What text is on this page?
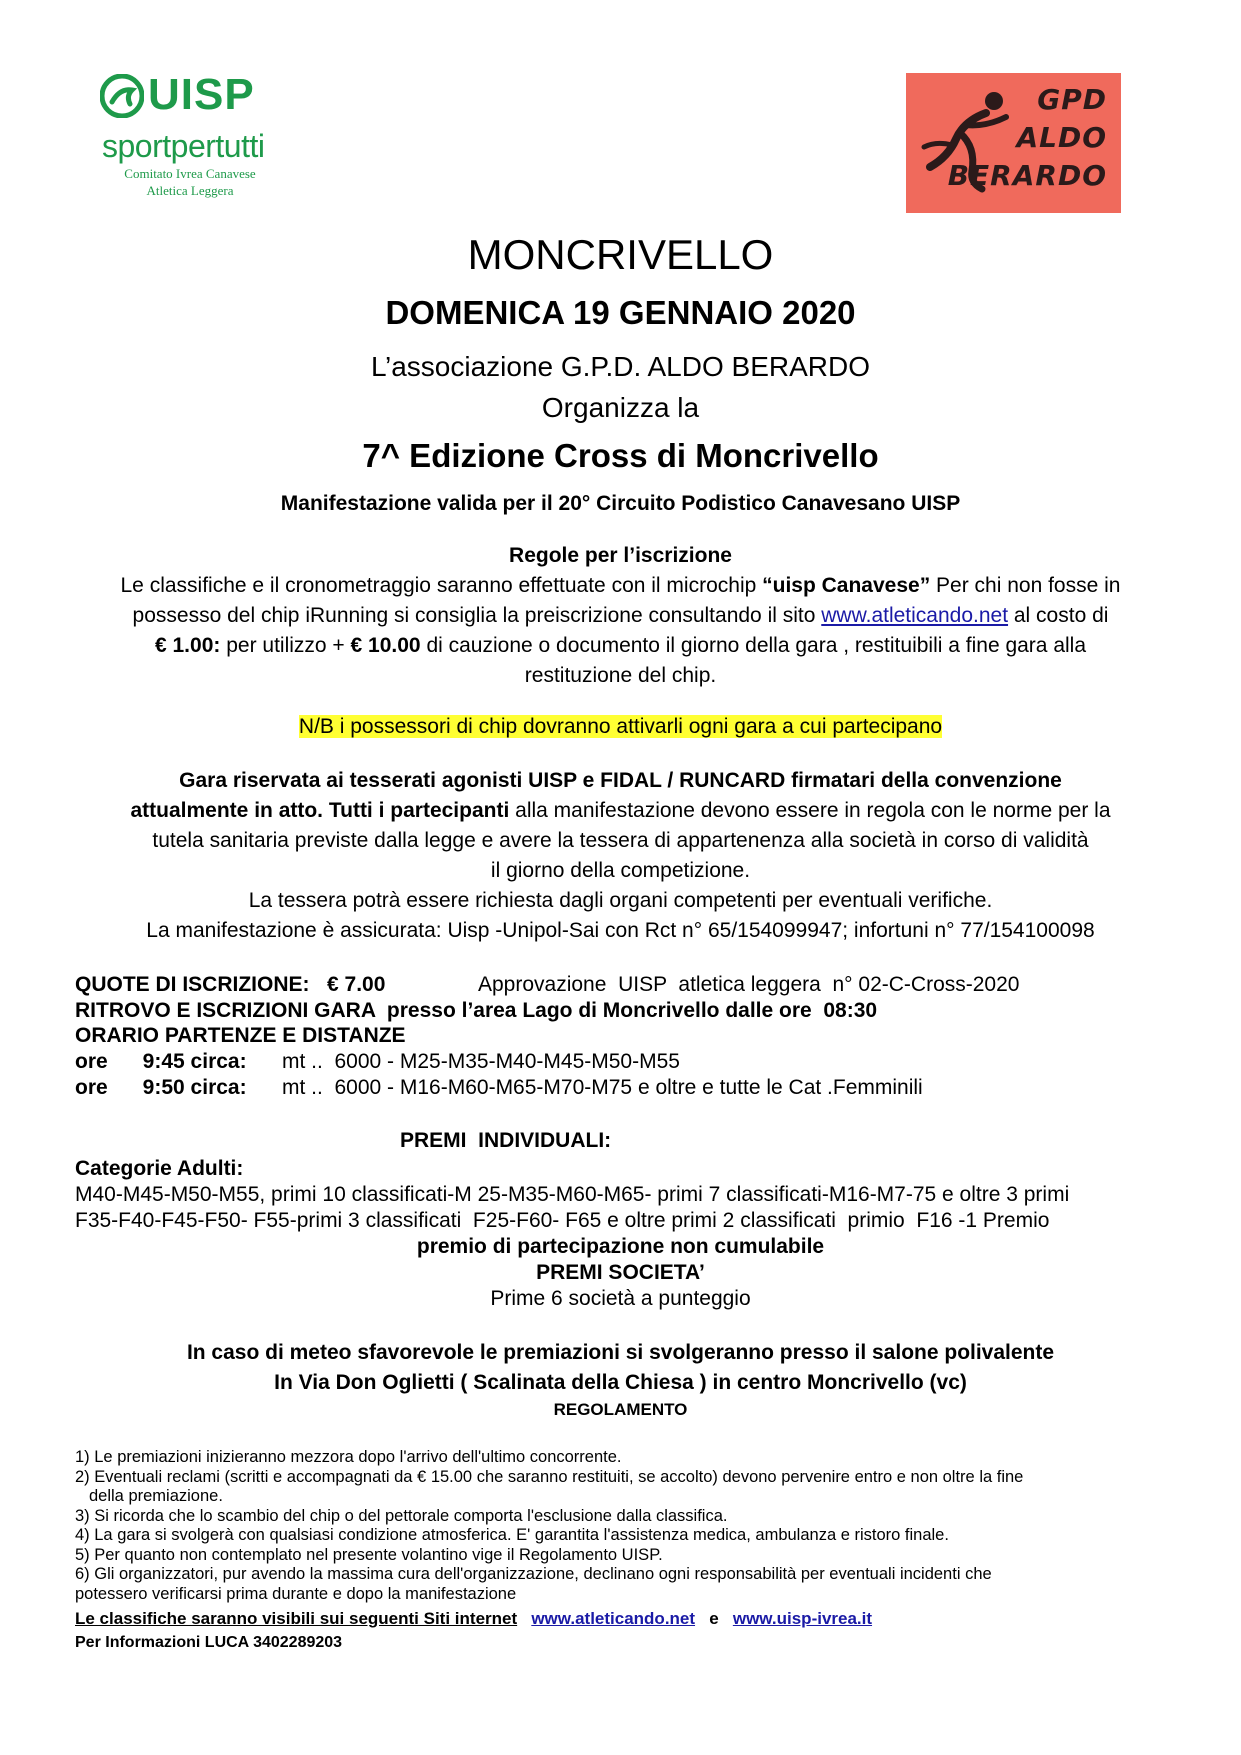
UISP
sportpertutti
Comitato Ivrea Canavese
Atletica Leggera
GPD
ALDO
BERARDO
MONCRIVELLO
DOMENICA 19 GENNAIO 2020
L’associazione G.P.D. ALDO BERARDO
Organizza la
7^ Edizione Cross di Moncrivello
Manifestazione valida per il 20° Circuito Podistico Canavesano UISP
Regole per l’iscrizione
Le classifiche e il cronometraggio saranno effettuate con il microchip “uisp Canavese” Per chi non fosse in
possesso del chip iRunning si consiglia la preiscrizione consultando il sito www.atleticando.net al costo di
€ 1.00: per utilizzo + € 10.00 di cauzione o documento il giorno della gara , restituibili a fine gara alla
restituzione del chip.
N/B i possessori di chip dovranno attivarli ogni gara a cui partecipano
Gara riservata ai tesserati agonisti UISP e FIDAL / RUNCARD firmatari della convenzione
attualmente in atto. Tutti i partecipanti alla manifestazione devono essere in regola con le norme per la
tutela sanitaria previste dalla legge e avere la tessera di appartenenza alla società in corso di validità
il giorno della competizione.
La tessera potrà essere richiesta dagli organi competenti per eventuali verifiche.
La manifestazione è assicurata: Uisp -Unipol-Sai con Rct n° 65/154099947; infortuni n° 77/154100098
QUOTE DI ISCRIZIONE:   € 7.00	Approvazione  UISP  atletica leggera  n° 02-C-Cross-2020
RITROVO E ISCRIZIONI GARA  presso l’area Lago di Moncrivello dalle ore  08:30
ORARIO PARTENZE E DISTANZE
ore      9:45 circa: mt ..  6000 - M25-M35-M40-M45-M50-M55
ore      9:50 circa: mt ..  6000 - M16-M60-M65-M70-M75 e oltre e tutte le Cat .Femminili
PREMI  INDIVIDUALI:
Categorie Adulti:
M40-M45-M50-M55, primi 10 classificati-M 25-M35-M60-M65- primi 7 classificati-M16-M7-75 e oltre 3 primi
F35-F40-F45-F50- F55-primi 3 classificati  F25-F60- F65 e oltre primi 2 classificati  primio  F16 -1 Premio
premio di partecipazione non cumulabile
PREMI SOCIETA’
Prime 6 società a punteggio
In caso di meteo sfavorevole le premiazioni si svolgeranno presso il salone polivalente
In Via Don Oglietti ( Scalinata della Chiesa ) in centro Moncrivello (vc)
REGOLAMENTO
1) Le premiazioni inizieranno mezzora dopo l'arrivo dell'ultimo concorrente.
2) Eventuali reclami (scritti e accompagnati da € 15.00 che saranno restituiti, se accolto) devono pervenire entro e non oltre la fine
della premiazione.
3) Si ricorda che lo scambio del chip o del pettorale comporta l'esclusione dalla classifica.
4) La gara si svolgerà con qualsiasi condizione atmosferica. E' garantita l'assistenza medica, ambulanza e ristoro finale.
5) Per quanto non contemplato nel presente volantino vige il Regolamento UISP.
6) Gli organizzatori, pur avendo la massima cura dell'organizzazione, declinano ogni responsabilità per eventuali incidenti che
potessero verificarsi prima durante e dopo la manifestazione
Le classifiche saranno visibili sui seguenti Siti internet www.atleticando.net e www.uisp-ivrea.it
Per Informazioni LUCA 3402289203
